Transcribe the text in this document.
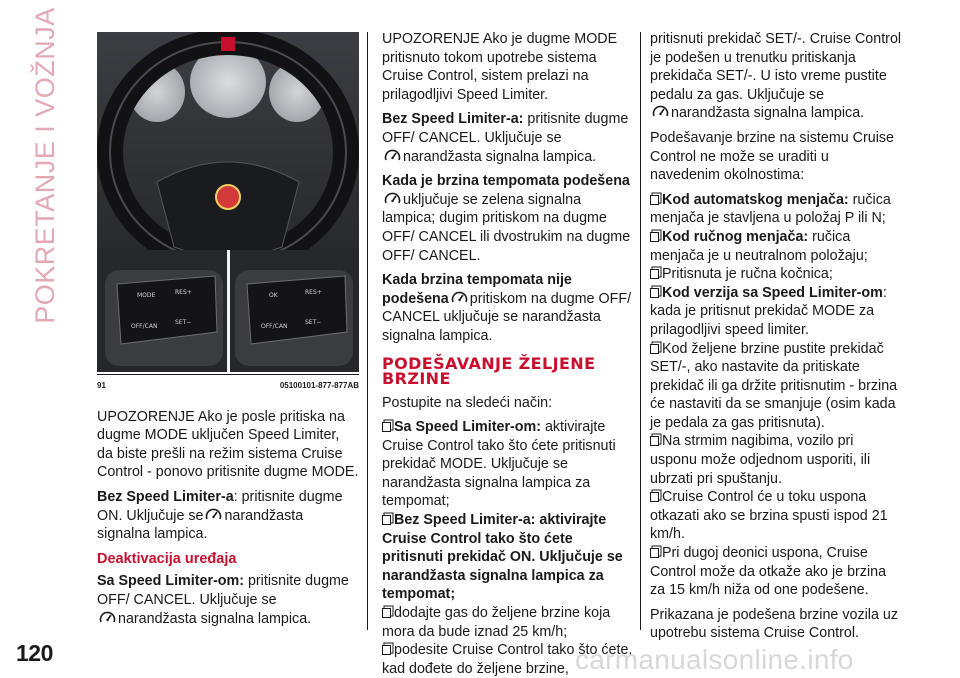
POKRETANJE I VOŽNJA	MODE	RES+
OFF/CAN
SET−
OK	RES+
OFF/CAN
SET−
91	05100101-877-877AB

UPOZORENJE Ako je posle pritiska na dugme MODE uključen Speed Limiter, da biste prešli na režim sistema Cruise Control - ponovo pritisnite dugme MODE.

Bez Speed Limiter-a: pritisnite dugme ON. Uključuje se narandžasta signalna lampica.

Deaktivacija uređaja

Sa Speed Limiter-om: pritisnite dugme OFF/ CANCEL. Uključuje se
narandžasta signalna lampica.

UPOZORENJE Ako je dugme MODE pritisnuto tokom upotrebe sistema Cruise Control, sistem prelazi na prilagodljivi Speed Limiter.

Bez Speed Limiter-a: pritisnite dugme OFF/ CANCEL. Uključuje se
narandžasta signalna lampica.

Kada je brzina tempomata podešenauključuje se zelena signalna lampica; dugim pritiskom na dugme OFF/ CANCEL ili dvostrukim na dugme OFF/ CANCEL.

Kada brzina tempomata nije podešena pritiskom na dugme OFF/ CANCEL uključuje se narandžasta signalna lampica.

PODEŠAVANJE ŽELJENE BRZINE

Postupite na sledeći način:

Sa Speed Limiter-om: aktivirajte Cruise Control tako što ćete pritisnuti prekidač MODE. Uključuje se narandžasta signalna lampica za tempomat;
Bez Speed Limiter-a: aktivirajte Cruise Control tako što ćete pritisnuti prekidač ON. Uključuje se narandžasta signalna lampica za tempomat;
dodajte gas do željene brzine koja mora da bude iznad 25 km/h;
podesite Cruise Control tako što ćete, kad dođete do željene brzine,

pritisnuti prekidač SET/-. Cruise Control je podešen u trenutku pritiskanja prekidača SET/-. U isto vreme pustite pedalu za gas. Uključuje se
narandžasta signalna lampica.

Podešavanje brzine na sistemu Cruise Control ne može se uraditi u navedenim okolnostima:

Kod automatskog menjača: ručica menjača je stavljena u položaj P ili N;
Kod ručnog menjača: ručica menjača je u neutralnom položaju;
Pritisnuta je ručna kočnica;
Kod verzija sa Speed Limiter-om: kada je pritisnut prekidač MODE za prilagodljivi speed limiter.
Kod željene brzine pustite prekidač SET/-, ako nastavite da pritiskate prekidač ili ga držite pritisnutim - brzina će nastaviti da se smanjuje (osim kada je pedala za gas pritisnuta).
Na strmim nagibima, vozilo pri usponu može odjednom usporiti, ili ubrzati pri spuštanju.
Cruise Control će u toku uspona otkazati ako se brzina spusti ispod 21 km/h.
Pri dugoj deonici uspona, Cruise Control može da otkaže ako je brzina za 15 km/h niža od one podešene.

Prikazana je podešena brzine vozila uz upotrebu sistema Cruise Control.

120	carmanualsonline.info
